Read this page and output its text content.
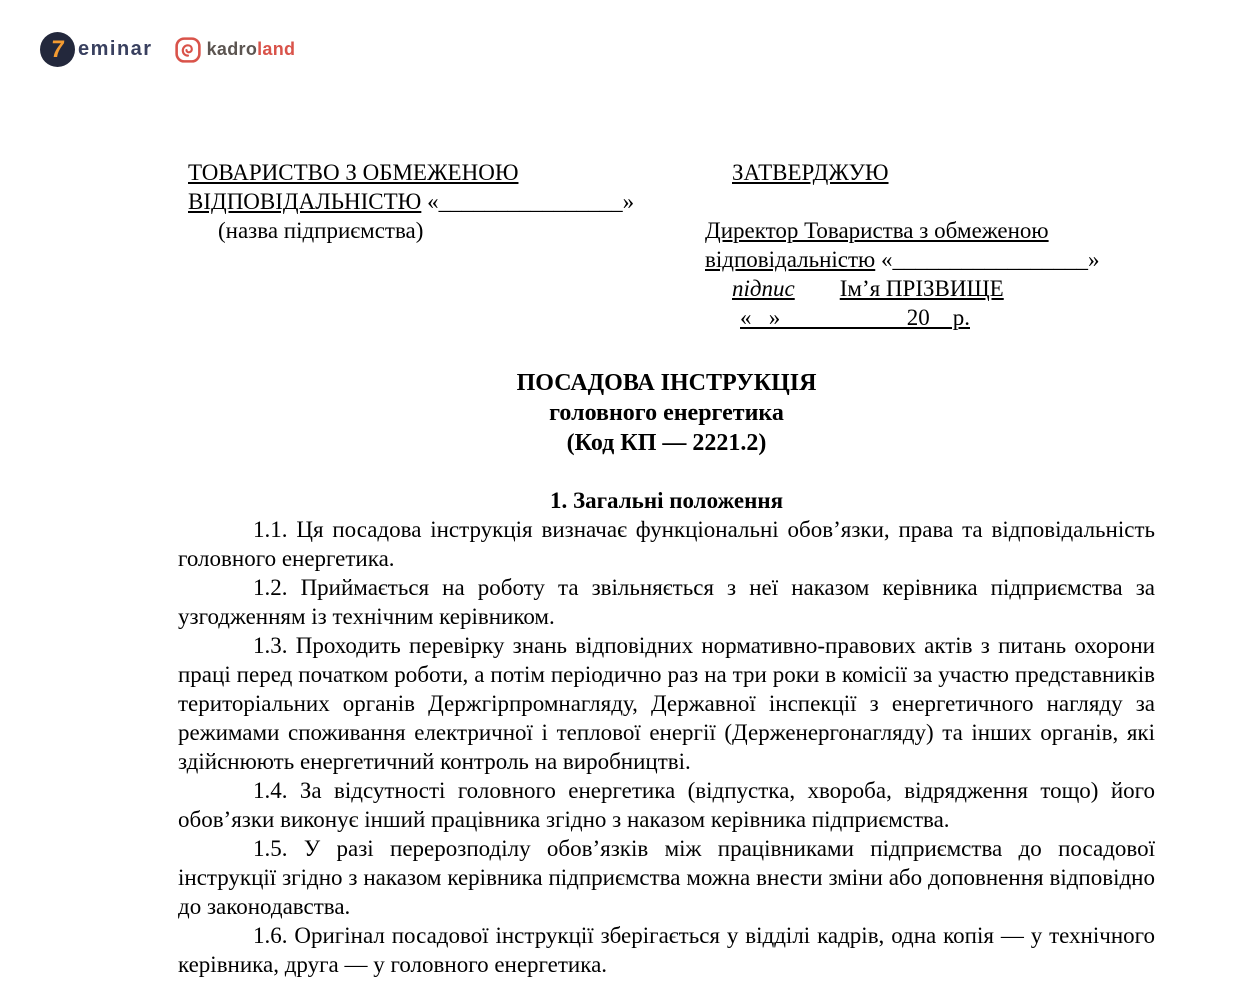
7 eminar	kadroland
ТОВАРИСТВО З ОБМЕЖЕНОЮ
ВІДПОВІДАЛЬНІСТЮ «________________»
(назва підприємства)
ЗАТВЕРДЖУЮ
Директор Товариства з обмеженою
відповідальністю «_________________»
підпис Ім’я ПРІЗВИЩЕ
«   »                      20    р.
ПОСАДОВА ІНСТРУКЦІЯ
головного енергетика
(Код КП — 2221.2)
1. Загальні положення

1.1. Ця посадова інструкція визначає функціональні обов’язки, права та відповідальність головного енергетика.

1.2. Приймається на роботу та звільняється з неї наказом керівника підприємства за узгодженням із технічним керівником.

1.3. Проходить перевірку знань відповідних нормативно-правових актів з питань охорони праці перед початком роботи, а потім періодично раз на три роки в комісії за участю представників територіальних органів Держгірпромнагляду, Державної інспекції з енергетичного нагляду за режимами споживання електричної і теплової енергії (Держенергонагляду) та інших органів, які здійснюють енергетичний контроль на виробництві.

1.4. За відсутності головного енергетика (відпустка, хвороба, відрядження тощо) його обов’язки виконує інший працівника згідно з наказом керівника підприємства.

1.5. У разі перерозподілу обов’язків між працівниками підприємства до посадової інструкції згідно з наказом керівника підприємства можна внести зміни або доповнення відповідно до законодавства.

1.6. Оригінал посадової інструкції зберігається у відділі кадрів, одна копія — у технічного керівника, друга — у головного енергетика.
